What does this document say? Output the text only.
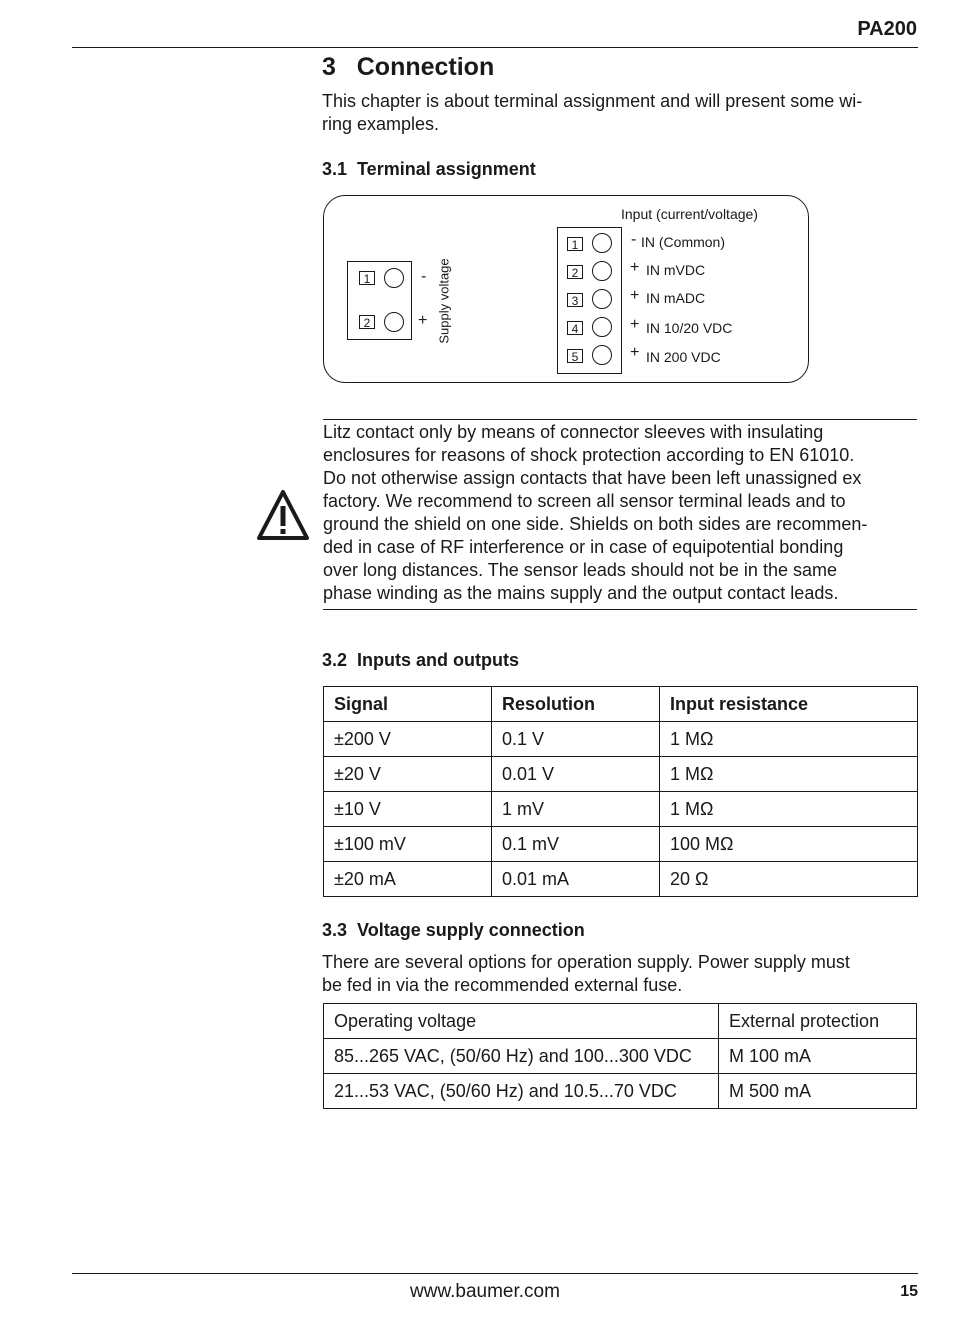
PA200
3   Connection
This chapter is about terminal assignment and will present some wi-
ring examples.
3.1  Terminal assignment
1
2
-
+ Supply voltage
Input (current/voltage)
1	- IN (Common)
2	+ IN mVDC
3	+ IN mADC
4	+ IN 10/20 VDC
5	+ IN 200 VDC
Litz contact only by means of connector sleeves with insulating
enclosures for reasons of shock protection according to EN 61010.
Do not otherwise assign contacts that have been left unassigned ex
factory. We recommend to screen all sensor terminal leads and to
ground the shield on one side. Shields on both sides are recommen-
ded in case of RF interference or in case of equipotential bonding
over long distances. The sensor leads should not be in the same
phase winding as the mains supply and the output contact leads.
3.2  Inputs and outputs
Signal	Resolution	Input resistance
±200 V	0.1 V	1 MΩ
±20 V	0.01 V	1 MΩ
±10 V	1 mV	1 MΩ
±100 mV	0.1 mV	100 MΩ
±20 mA	0.01 mA	20 Ω
3.3  Voltage supply connection
There are several options for operation supply. Power supply must
be fed in via the recommended external fuse.
Operating voltage	External protection
85...265 VAC, (50/60 Hz) and 100...300 VDC	M 100 mA
21...53 VAC, (50/60 Hz) and 10.5...70 VDC	M 500 mA
www.baumer.com	15
